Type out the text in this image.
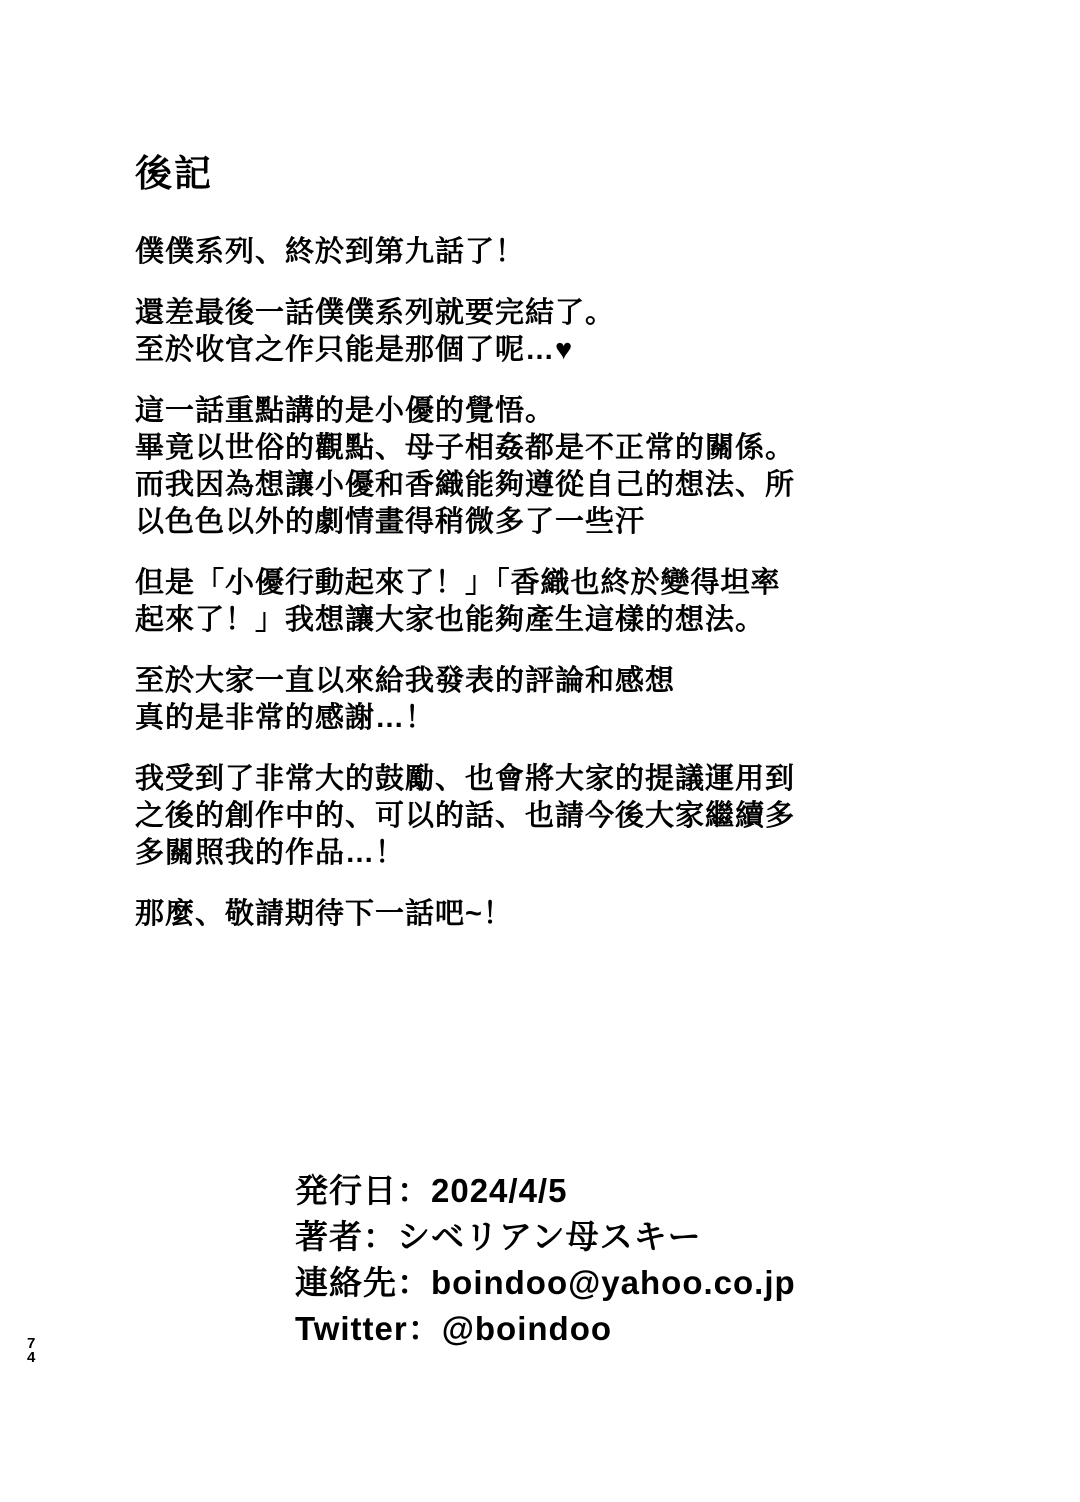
後記

僕僕系列、終於到第九話了！

還差最後一話僕僕系列就要完結了。
至於收官之作只能是那個了呢…♥

這一話重點講的是小優的覺悟。
畢竟以世俗的觀點、母子相姦都是不正常的關係。
而我因為想讓小優和香織能夠遵從自己的想法、所
以色色以外的劇情畫得稍微多了一些汗

但是「小優行動起來了！」「香織也終於變得坦率
起來了！」我想讓大家也能夠產生這樣的想法。

至於大家一直以來給我發表的評論和感想
真的是非常的感謝…！

我受到了非常大的鼓勵、也會將大家的提議運用到
之後的創作中的、可以的話、也請今後大家繼續多
多關照我的作品…！

那麼、敬請期待下一話吧~！

発行日：2024/4/5
著者：シベリアン母スキー
連絡先：boindoo@yahoo.co.jp
Twitter：@boindoo
7
4
